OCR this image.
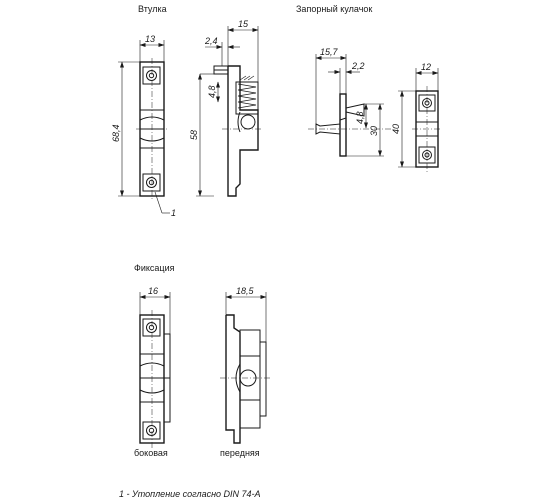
Втулка	Запорный кулачок
Фиксация
боковая	передняя
1 - Утопление согласно DIN 74-A
13
68,4
1
15
2,4
58
4,8
15,7
2,2
30
4,8
12
40
16	18,5
